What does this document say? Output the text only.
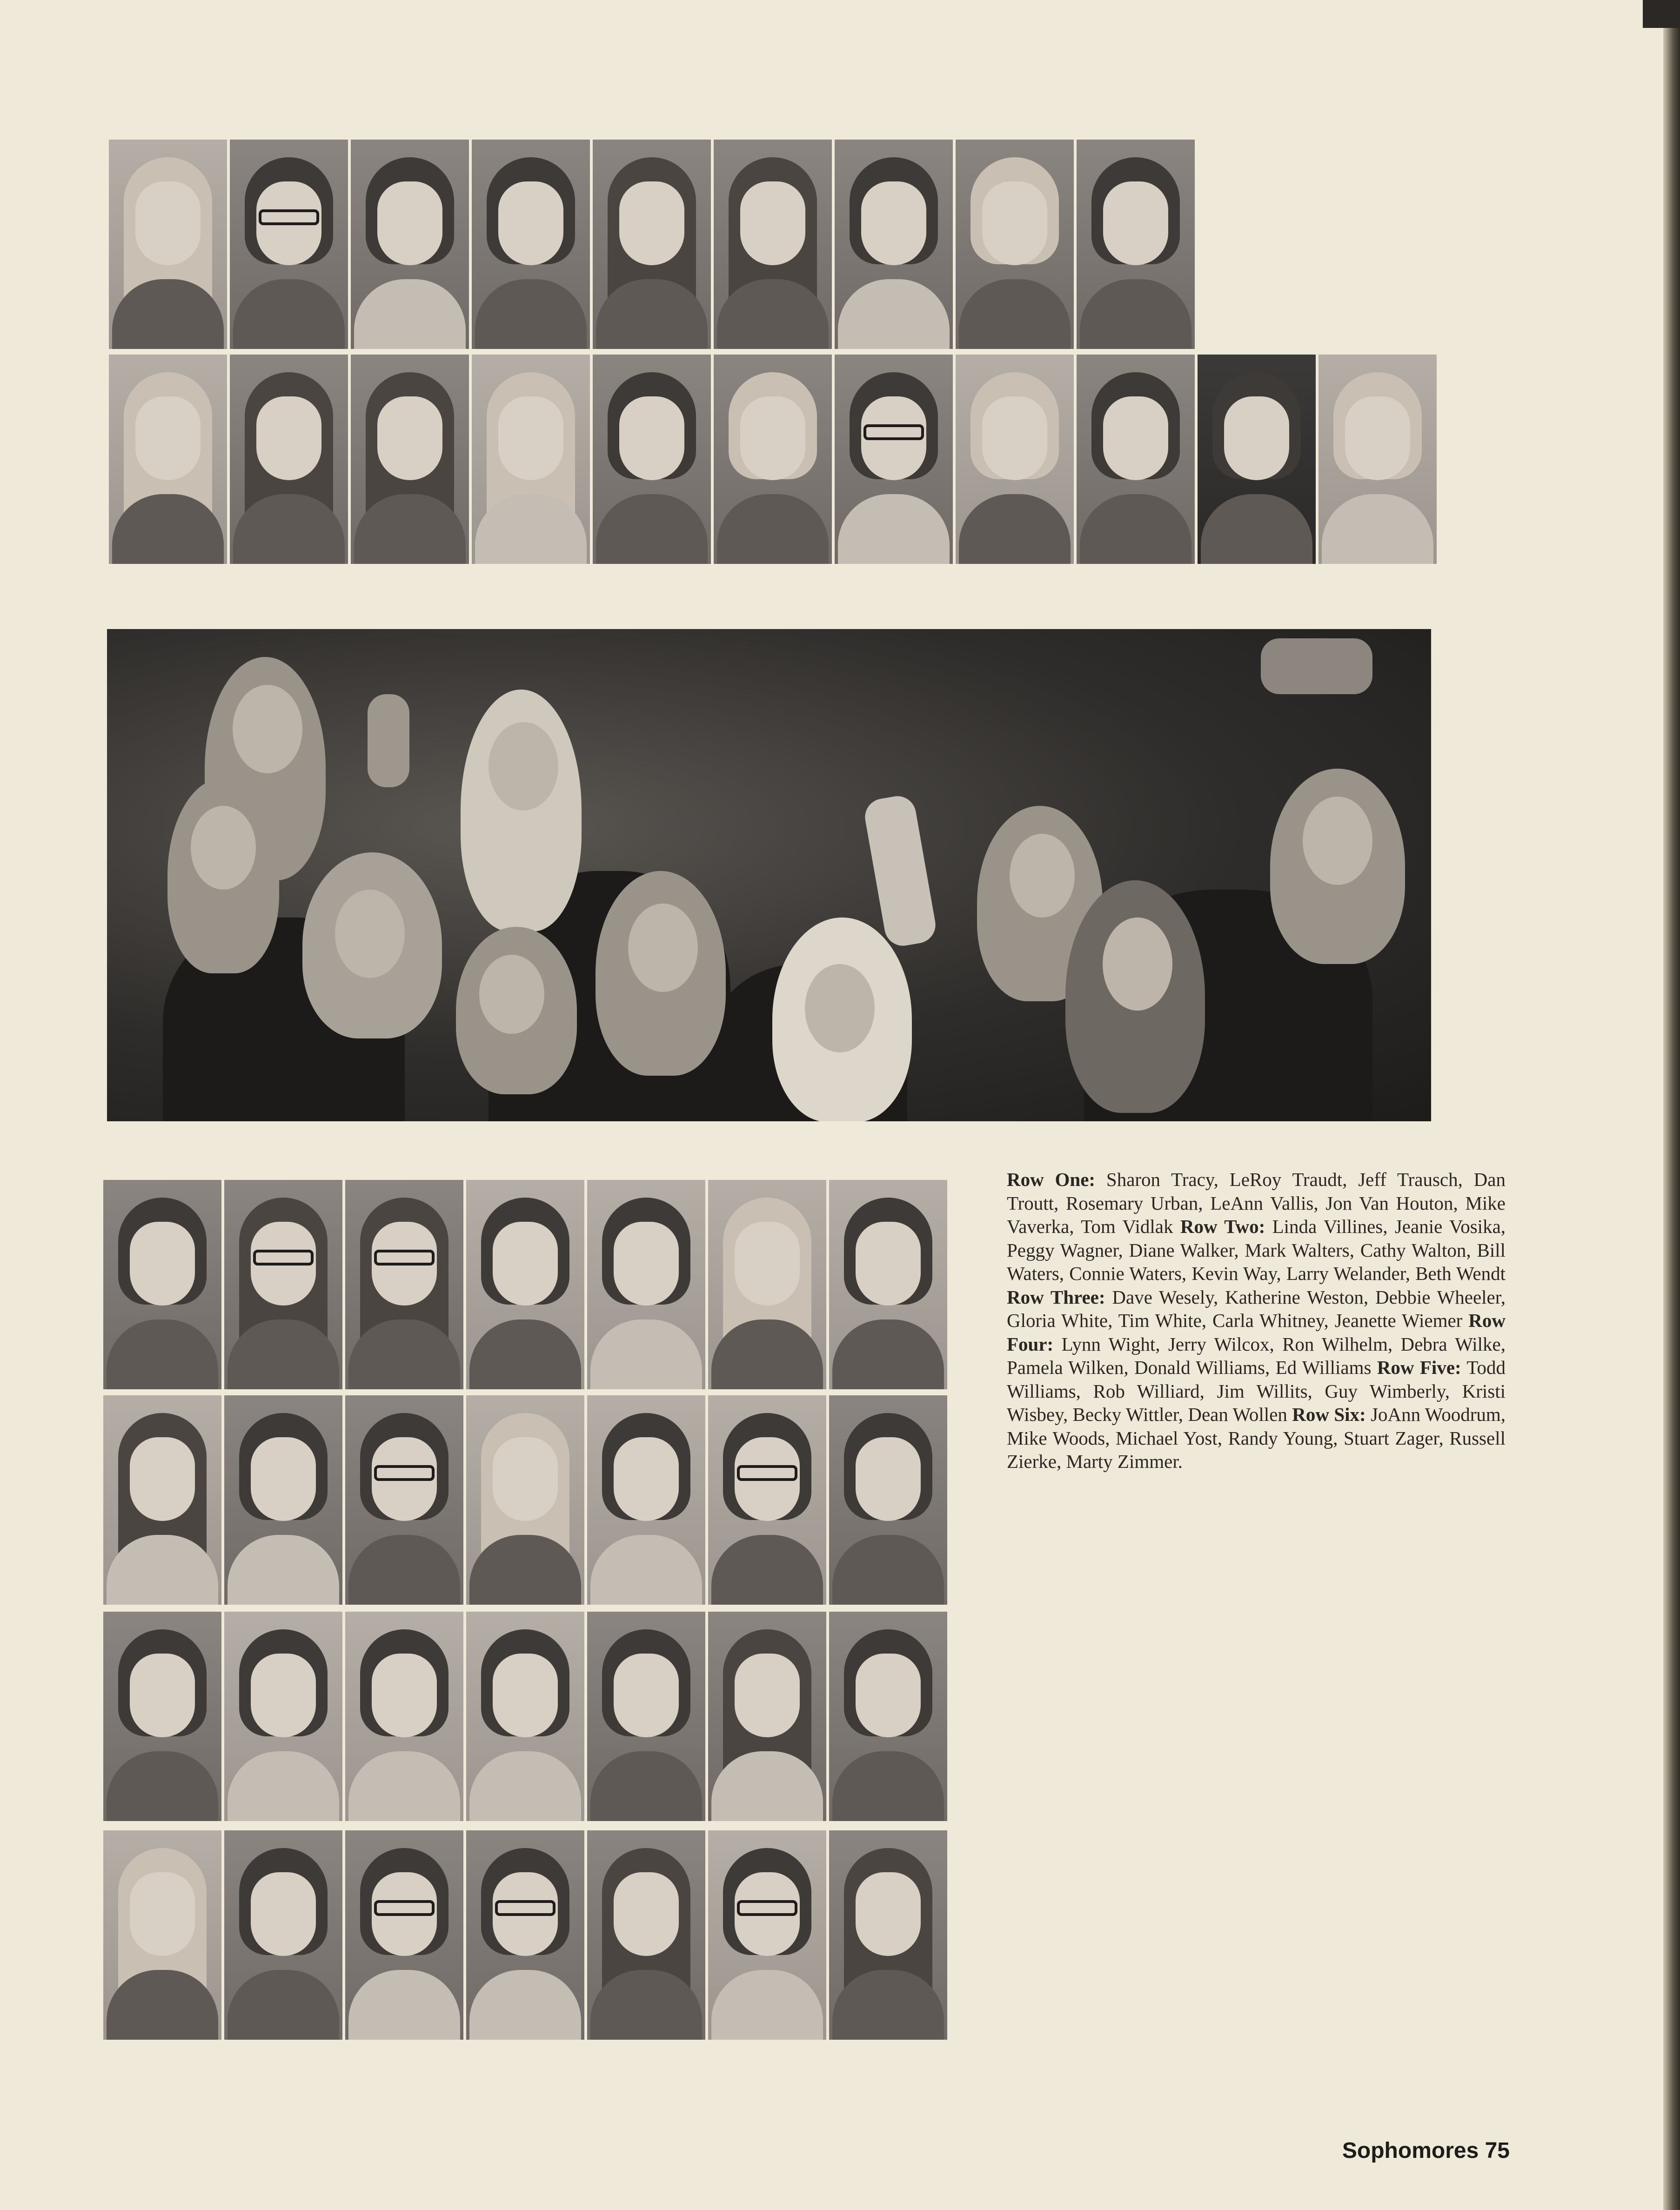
Row One: Sharon Tracy, LeRoy Traudt, Jeff Trausch, Dan Troutt, Rosemary Urban, LeAnn Vallis, Jon Van Houton, Mike Vaverka, Tom Vidlak Row Two: Linda Villines, Jeanie Vosika, Peggy Wagner, Diane Walker, Mark Walters, Cathy Walton, Bill Waters, Connie Waters, Kevin Way, Larry Welander, Beth Wendt Row Three: Dave Wesely, Katherine Weston, Debbie Wheeler, Gloria White, Tim White, Carla Whitney, Jeanette Wiemer Row Four: Lynn Wight, Jerry Wilcox, Ron Wilhelm, Debra Wilke, Pamela Wilken, Donald Williams, Ed Williams Row Five: Todd Williams, Rob Williard, Jim Willits, Guy Wimberly, Kristi Wisbey, Becky Wittler, Dean Wollen Row Six: JoAnn Woodrum, Mike Woods, Michael Yost, Randy Young, Stuart Zager, Russell Zierke, Marty Zimmer.
Sophomores 75
